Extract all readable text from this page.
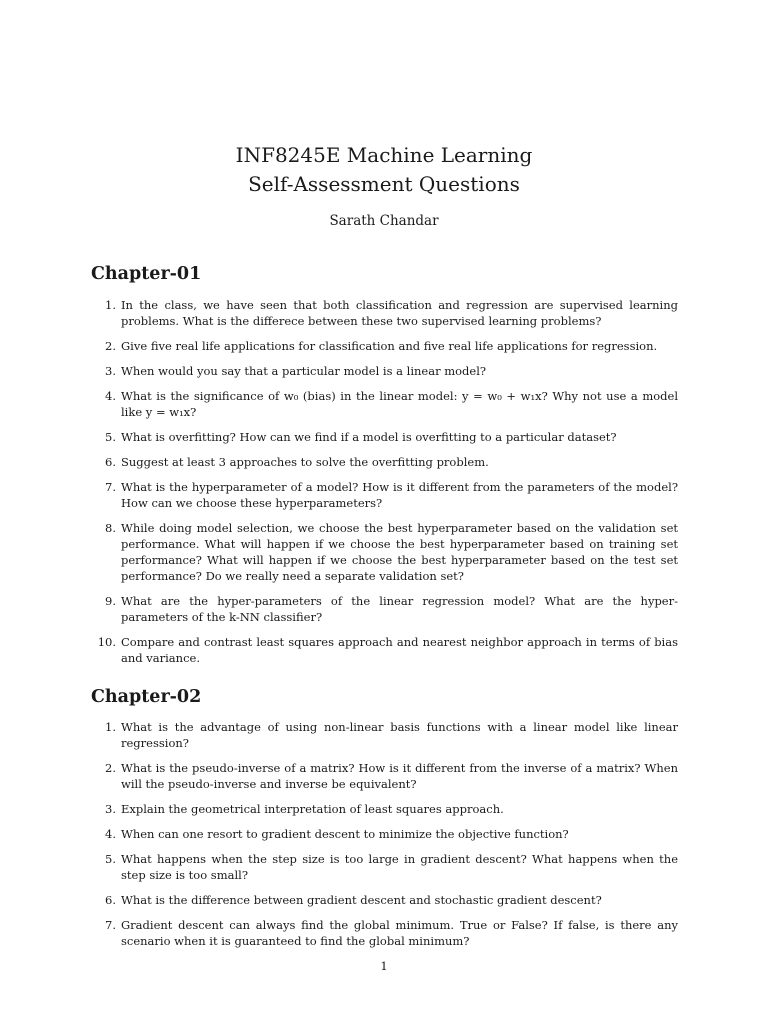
INF8245E Machine Learning
Self-Assessment Questions
Sarath Chandar
Chapter-01
1. In the class, we have seen that both classification and regression are supervised learning problems. What is the differece between these two supervised learning problems?
2. Give five real life applications for classification and five real life applications for regression.
3. When would you say that a particular model is a linear model?
4. What is the significance of w₀ (bias) in the linear model: y = w₀ + w₁x? Why not use a model like y = w₁x?
5. What is overfitting? How can we find if a model is overfitting to a particular dataset?
6. Suggest at least 3 approaches to solve the overfitting problem.
7. What is the hyperparameter of a model? How is it different from the parameters of the model? How can we choose these hyperparameters?
8. While doing model selection, we choose the best hyperparameter based on the validation set performance. What will happen if we choose the best hyperparameter based on training set performance? What will happen if we choose the best hyperparameter based on the test set performance? Do we really need a separate validation set?
9. What are the hyper-parameters of the linear regression model? What are the hyper-parameters of the k-NN classifier?
10. Compare and contrast least squares approach and nearest neighbor approach in terms of bias and variance.
Chapter-02
1. What is the advantage of using non-linear basis functions with a linear model like linear regression?
2. What is the pseudo-inverse of a matrix? How is it different from the inverse of a matrix? When will the pseudo-inverse and inverse be equivalent?
3. Explain the geometrical interpretation of least squares approach.
4. When can one resort to gradient descent to minimize the objective function?
5. What happens when the step size is too large in gradient descent? What happens when the step size is too small?
6. What is the difference between gradient descent and stochastic gradient descent?
7. Gradient descent can always find the global minimum. True or False? If false, is there any scenario when it is guaranteed to find the global minimum?
1
